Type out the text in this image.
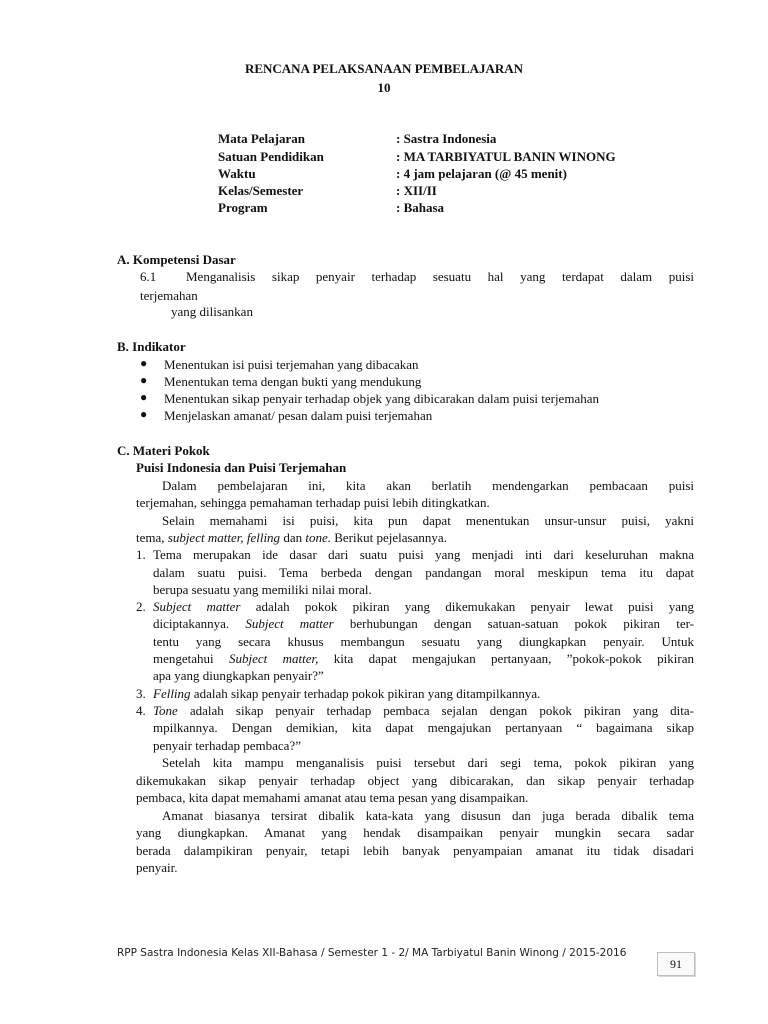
RENCANA PELAKSANAAN PEMBELAJARAN
10
Mata Pelajaran	: Sastra Indonesia
Satuan Pendidikan	: MA TARBIYATUL BANIN WINONG
Waktu	: 4 jam pelajaran (@ 45 menit)
Kelas/Semester	: XII/II
Program	: Bahasa
A. Kompetensi Dasar
6.1 Menganalisis sikap penyair terhadap sesuatu hal yang terdapat dalam puisi
terjemahan
yang dilisankan
B. Indikator
● Menentukan isi puisi terjemahan yang dibacakan
● Menentukan tema dengan bukti yang mendukung
● Menentukan sikap penyair terhadap objek yang dibicarakan dalam puisi terjemahan
● Menjelaskan amanat/ pesan dalam puisi terjemahan
C. Materi Pokok
Puisi Indonesia dan Puisi Terjemahan
Dalam pembelajaran ini, kita akan berlatih mendengarkan pembacaan puisi
terjemahan, sehingga pemahaman terhadap puisi lebih ditingkatkan.
Selain memahami isi puisi, kita pun dapat menentukan unsur-unsur puisi, yakni
tema, subject matter, felling dan tone. Berikut pejelasannya.
1. Tema merupakan ide dasar dari suatu puisi yang menjadi inti dari keseluruhan makna
dalam suatu puisi. Tema berbeda dengan pandangan moral meskipun tema itu dapat
berupa sesuatu yang memiliki nilai moral.
2. Subject matter adalah pokok pikiran yang dikemukakan penyair lewat puisi yang
diciptakannya. Subject matter berhubungan dengan satuan-satuan pokok pikiran ter-
tentu yang secara khusus membangun sesuatu yang diungkapkan penyair. Untuk
mengetahui Subject matter, kita dapat mengajukan pertanyaan, ”pokok-pokok pikiran
apa yang diungkapkan penyair?”
3. Felling adalah sikap penyair terhadap pokok pikiran yang ditampilkannya.
4. Tone adalah sikap penyair terhadap pembaca sejalan dengan pokok pikiran yang dita-
mpilkannya. Dengan demikian, kita dapat mengajukan pertanyaan “ bagaimana sikap
penyair terhadap pembaca?”
Setelah kita mampu menganalisis puisi tersebut dari segi tema, pokok pikiran yang
dikemukakan sikap penyair terhadap object yang dibicarakan, dan sikap penyair terhadap
pembaca, kita dapat memahami amanat atau tema pesan yang disampaikan.
Amanat biasanya tersirat dibalik kata-kata yang disusun dan juga berada dibalik tema
yang diungkapkan. Amanat yang hendak disampaikan penyair mungkin secara sadar
berada dalampikiran penyair, tetapi lebih banyak penyampaian amanat itu tidak disadari
penyair.
RPP Sastra Indonesia Kelas XII-Bahasa / Semester 1 - 2/ MA Tarbiyatul Banin Winong / 2015-2016
91
